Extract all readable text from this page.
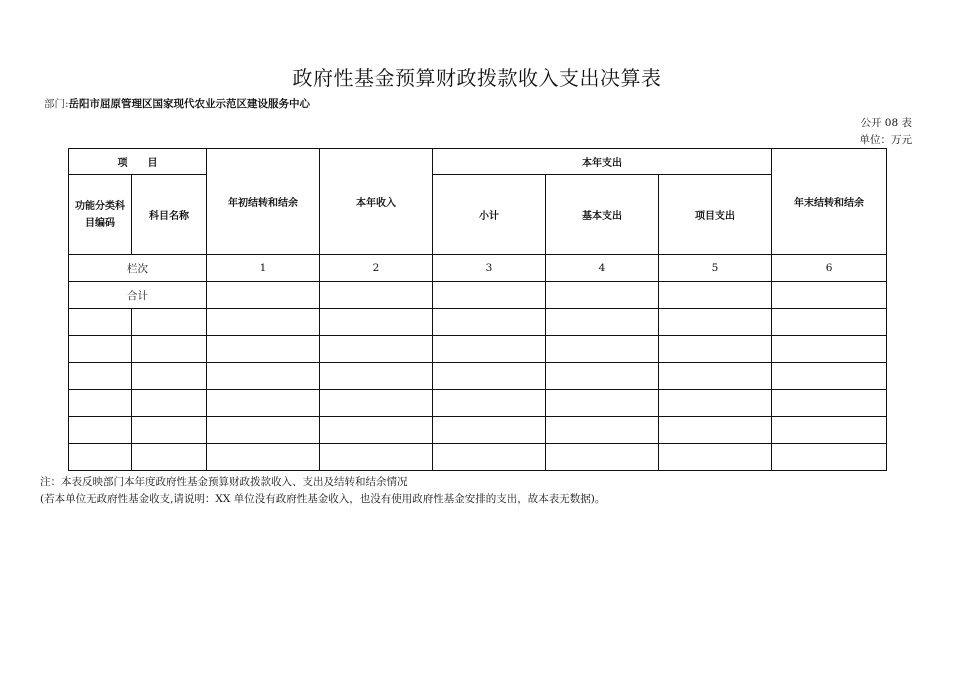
政府性基金预算财政拨款收入支出决算表
部门:岳阳市屈原管理区国家现代农业示范区建设服务中心
公开 08 表
单位：万元
项　　目		年初结转和结余	本年收入	本年支出			年末结转和结余
功能分类科目编码	科目名称			小计	基本支出	项目支出	
栏次		1	2	3	4	5	6
合计							

注：本表反映部门本年度政府性基金预算财政拨款收入、支出及结转和结余情况
(若本单位无政府性基金收支,请说明：XX 单位没有政府性基金收入，也没有使用政府性基金安排的支出，故本表无数据)。
